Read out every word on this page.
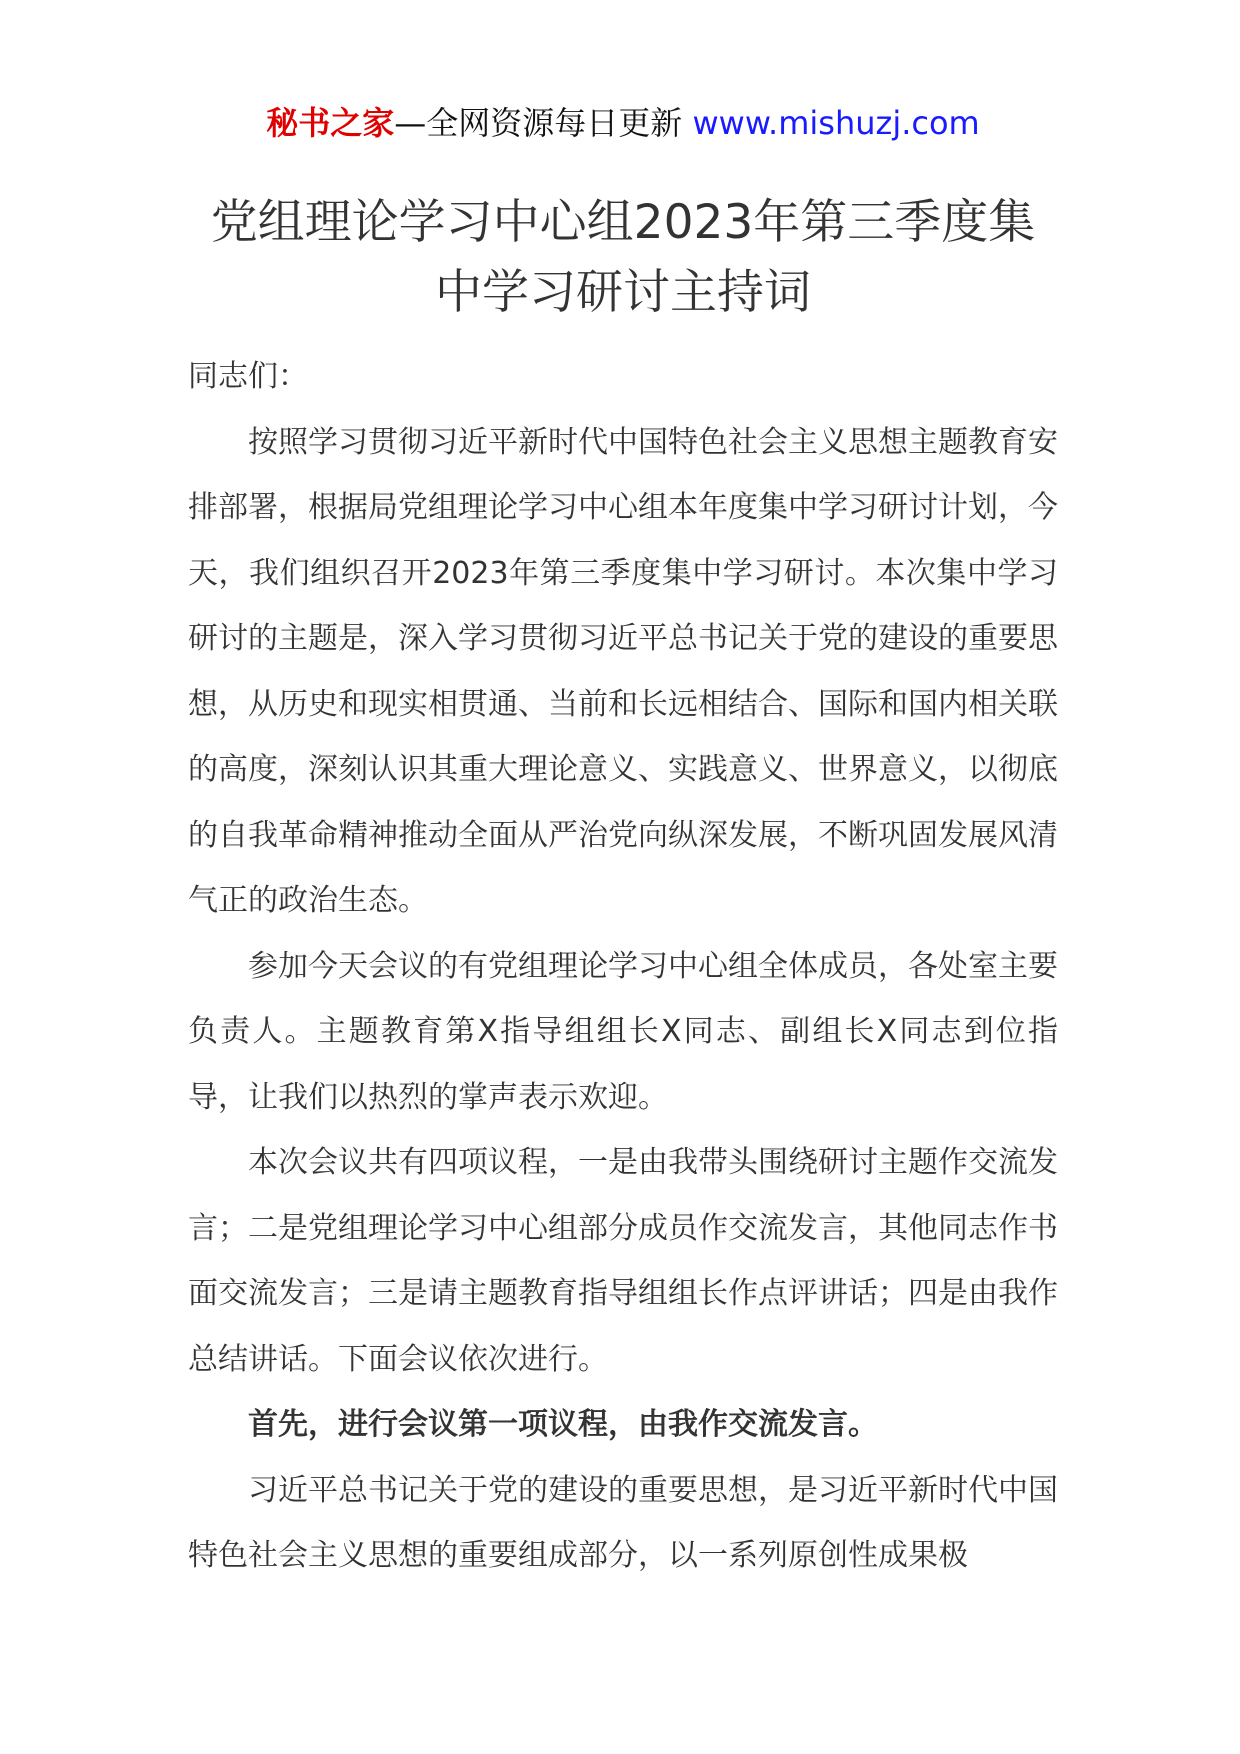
秘书之家—全网资源每日更新 www.mishuzj.com
党组理论学习中心组2023年第三季度集中学习研讨主持词

同志们：

按照学习贯彻习近平新时代中国特色社会主义思想主题教育安排部署，根据局党组理论学习中心组本年度集中学习研讨计划，今天，我们组织召开2023年第三季度集中学习研讨。本次集中学习研讨的主题是，深入学习贯彻习近平总书记关于党的建设的重要思想，从历史和现实相贯通、当前和长远相结合、国际和国内相关联的高度，深刻认识其重大理论意义、实践意义、世界意义，以彻底的自我革命精神推动全面从严治党向纵深发展，不断巩固发展风清气正的政治生态。

参加今天会议的有党组理论学习中心组全体成员，各处室主要负责人。主题教育第X指导组组长X同志、副组长X同志到位指导，让我们以热烈的掌声表示欢迎。

本次会议共有四项议程，一是由我带头围绕研讨主题作交流发言；二是党组理论学习中心组部分成员作交流发言，其他同志作书面交流发言；三是请主题教育指导组组长作点评讲话；四是由我作总结讲话。下面会议依次进行。

首先，进行会议第一项议程，由我作交流发言。

习近平总书记关于党的建设的重要思想，是习近平新时代中国特色社会主义思想的重要组成部分，以一系列原创性成果极
